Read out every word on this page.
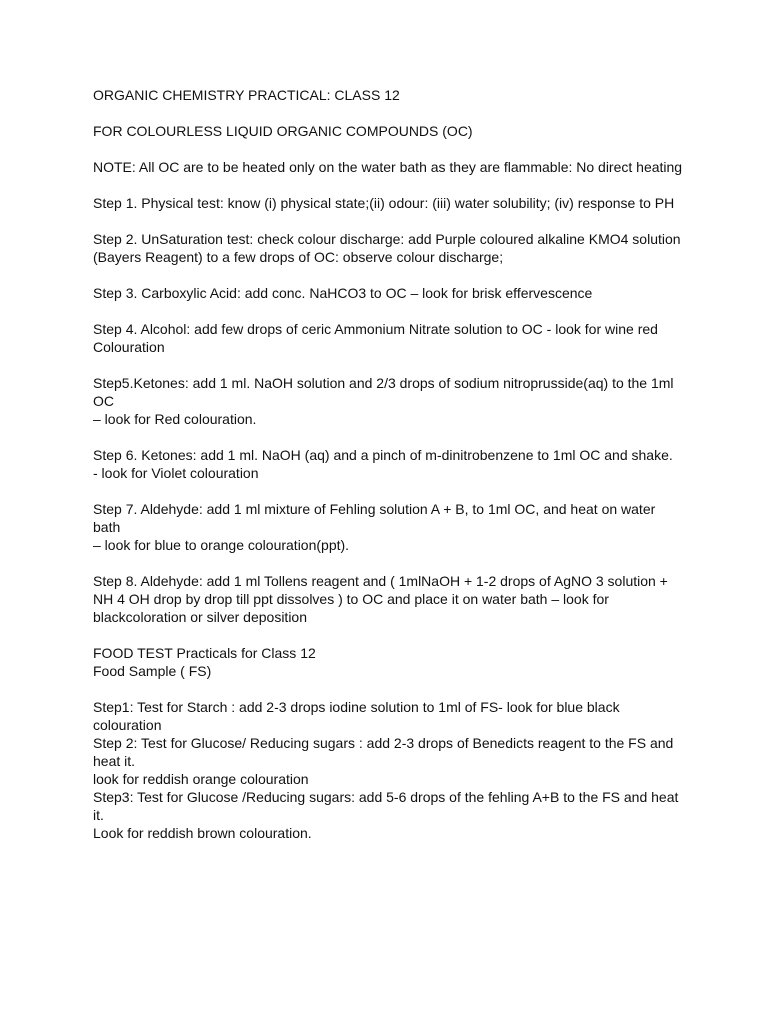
ORGANIC CHEMISTRY PRACTICAL: CLASS 12

FOR COLOURLESS LIQUID ORGANIC COMPOUNDS (OC)

NOTE: All OC are to be heated only on the water bath as they are flammable: No direct heating

Step 1. Physical test: know (i) physical state;(ii) odour: (iii) water solubility; (iv) response to PH

Step 2. UnSaturation test: check colour discharge: add Purple coloured alkaline KMO4 solution
(Bayers Reagent) to a few drops of OC: observe colour discharge;

Step 3. Carboxylic Acid: add conc. NaHCO3 to OC – look for brisk effervescence

Step 4. Alcohol: add few drops of ceric Ammonium Nitrate solution to OC - look for wine red Colouration

Step5.Ketones: add 1 ml. NaOH solution and 2/3 drops of sodium nitroprusside(aq) to the 1ml OC
– look for Red colouration.

Step 6. Ketones: add 1 ml. NaOH (aq) and a pinch of m-dinitrobenzene to 1ml OC and shake.
- look for Violet colouration

Step 7. Aldehyde: add 1 ml mixture of Fehling solution A + B, to 1ml OC, and heat on water bath
– look for blue to orange colouration(ppt).

Step 8. Aldehyde: add 1 ml Tollens reagent and ( 1mlNaOH + 1-2 drops of AgNO 3 solution + NH 4 OH drop by drop till ppt dissolves ) to OC and place it on water bath – look for blackcoloration or silver deposition

FOOD TEST Practicals for Class 12

Food Sample ( FS)

Step1: Test for Starch : add 2-3 drops iodine solution to 1ml of FS- look for blue black colouration

Step 2: Test for Glucose/ Reducing sugars : add 2-3 drops of Benedicts reagent to the FS and heat it.
look for reddish orange colouration

Step3: Test for Glucose /Reducing sugars: add 5-6 drops of the fehling A+B to the FS and heat it.
Look for reddish brown colouration.
